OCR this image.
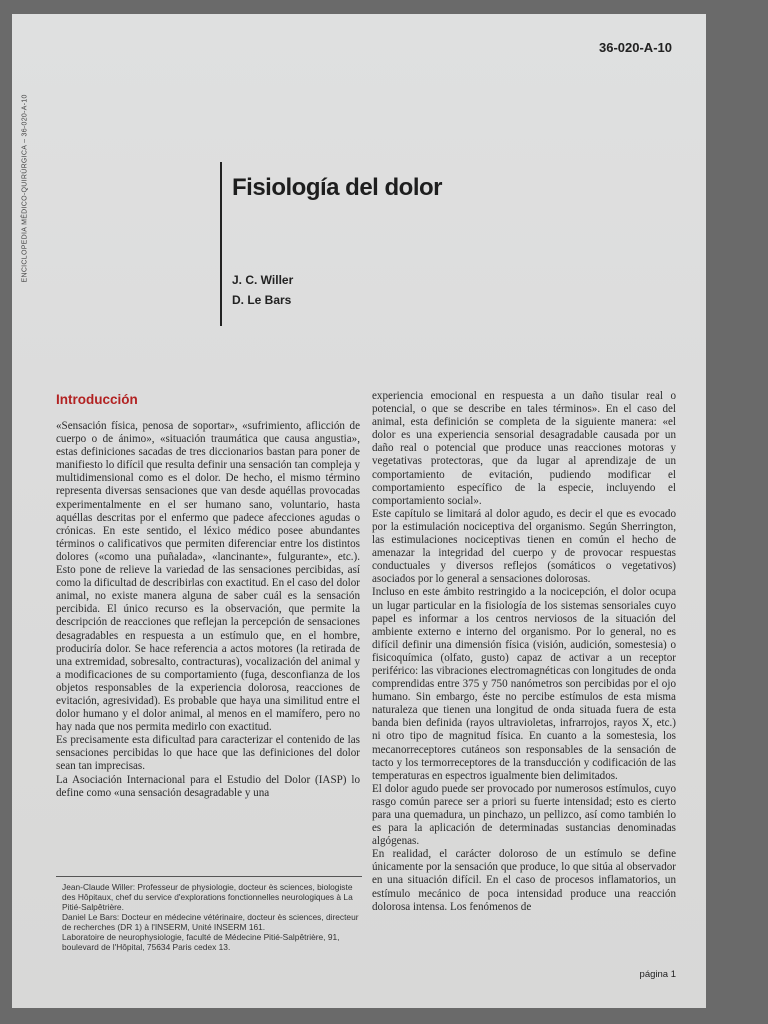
36-020-A-10
ENCICLOPEDIA MÉDICO-QUIRÚRGICA – 36-020-A-10	Fisiología del dolor
J. C. Willer
D. Le Bars
Introducción

«Sensación física, penosa de soportar», «sufrimiento, aflicción de cuerpo o de ánimo», «situación traumática que causa angustia», estas definiciones sacadas de tres diccionarios bastan para poner de manifiesto lo difícil que resulta definir una sensación tan compleja y multidimensional como es el dolor. De hecho, el mismo término representa diversas sensaciones que van desde aquéllas provocadas experimentalmente en el ser humano sano, voluntario, hasta aquéllas descritas por el enfermo que padece afecciones agudas o crónicas. En este sentido, el léxico médico posee abundantes términos o calificativos que permiten diferenciar entre los distintos dolores («como una puñalada», «lancinante», fulgurante», etc.). Esto pone de relieve la variedad de las sensaciones percibidas, así como la dificultad de describirlas con exactitud. En el caso del dolor animal, no existe manera alguna de saber cuál es la sensación percibida. El único recurso es la observación, que permite la descripción de reacciones que reflejan la percepción de sensaciones desagradables en respuesta a un estímulo que, en el hombre, produciría dolor. Se hace referencia a actos motores (la retirada de una extremidad, sobresalto, contracturas), vocalización del animal y a modificaciones de su comportamiento (fuga, desconfianza de los objetos responsables de la experiencia dolorosa, reacciones de evitación, agresividad). Es probable que haya una similitud entre el dolor humano y el dolor animal, al menos en el mamífero, pero no hay nada que nos permita medirlo con exactitud.

Es precisamente esta dificultad para caracterizar el contenido de las sensaciones percibidas lo que hace que las definiciones del dolor sean tan imprecisas.

La Asociación Internacional para el Estudio del Dolor (IASP) lo define como «una sensación desagradable y una

experiencia emocional en respuesta a un daño tisular real o potencial, o que se describe en tales términos». En el caso del animal, esta definición se completa de la siguiente manera: «el dolor es una experiencia sensorial desagradable causada por un daño real o potencial que produce unas reacciones motoras y vegetativas protectoras, que da lugar al aprendizaje de un comportamiento de evitación, pudiendo modificar el comportamiento específico de la especie, incluyendo el comportamiento social».

Este capítulo se limitará al dolor agudo, es decir el que es evocado por la estimulación nociceptiva del organismo. Según Sherrington, las estimulaciones nociceptivas tienen en común el hecho de amenazar la integridad del cuerpo y de provocar respuestas conductuales y diversos reflejos (somáticos o vegetativos) asociados por lo general a sensaciones dolorosas.

Incluso en este ámbito restringido a la nocicepción, el dolor ocupa un lugar particular en la fisiología de los sistemas sensoriales cuyo papel es informar a los centros nerviosos de la situación del ambiente externo e interno del organismo. Por lo general, no es difícil definir una dimensión física (visión, audición, somestesia) o fisicoquímica (olfato, gusto) capaz de activar a un receptor periférico: las vibraciones electromagnéticas con longitudes de onda comprendidas entre 375 y 750 nanómetros son percibidas por el ojo humano. Sin embargo, éste no percibe estímulos de esta misma naturaleza que tienen una longitud de onda situada fuera de esta banda bien definida (rayos ultravioletas, infrarrojos, rayos X, etc.) ni otro tipo de magnitud física. En cuanto a la somestesia, los mecanorreceptores cutáneos son responsables de la sensación de tacto y los termorreceptores de la transducción y codificación de las temperaturas en espectros igualmente bien delimitados.

El dolor agudo puede ser provocado por numerosos estímulos, cuyo rasgo común parece ser a priori su fuerte intensidad; esto es cierto para una quemadura, un pinchazo, un pellizco, así como también lo es para la aplicación de determinadas sustancias denominadas algógenas.

En realidad, el carácter doloroso de un estímulo se define únicamente por la sensación que produce, lo que sitúa al observador en una situación difícil. En el caso de procesos inflamatorios, un estímulo mecánico de poca intensidad produce una reacción dolorosa intensa. Los fenómenos de

Jean-Claude Willer: Professeur de physiologie, docteur ès sciences, biologiste des Hôpitaux, chef du service d'explorations fonctionnelles neurologiques à La Pitié-Salpêtrière.

Daniel Le Bars: Docteur en médecine vétérinaire, docteur ès sciences, directeur de recherches (DR 1) à l'INSERM, Unité INSERM 161.

Laboratoire de neurophysiologie, faculté de Médecine Pitié-Salpêtrière, 91, boulevard de l'Hôpital, 75634 Paris cedex 13.

página 1
